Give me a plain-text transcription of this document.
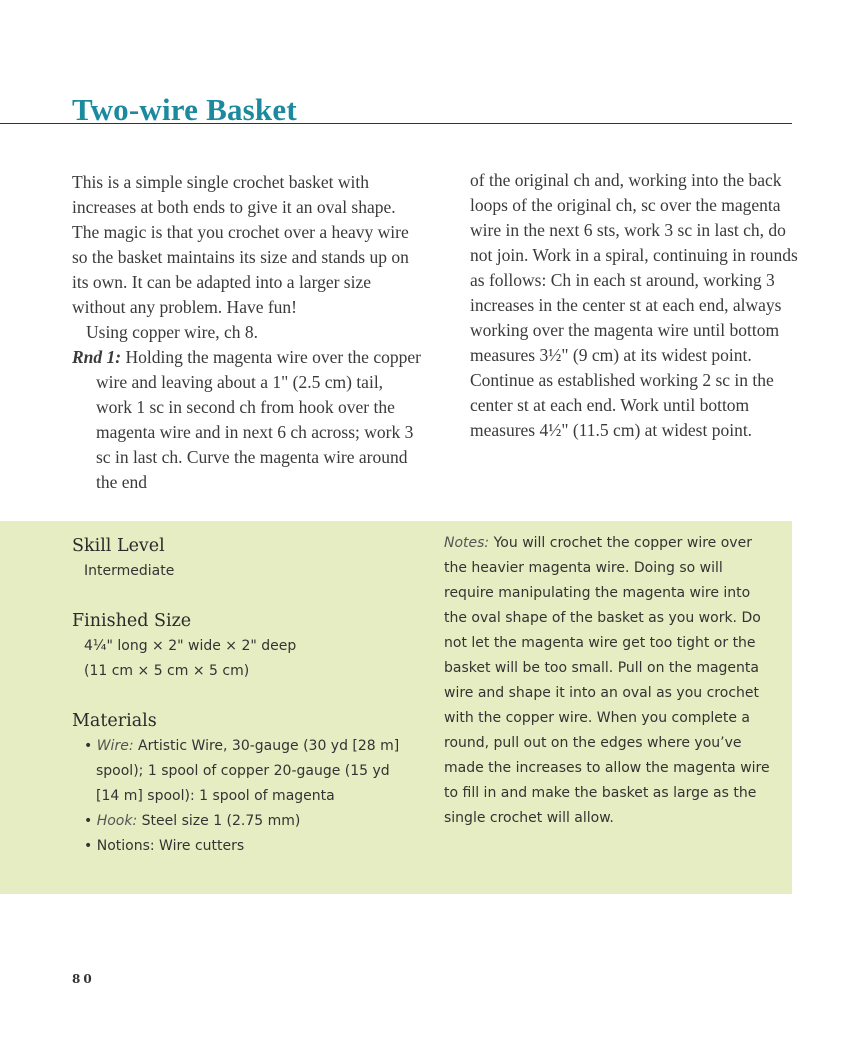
Two-wire Basket

This is a simple single crochet basket with increases at both ends to give it an oval shape. The magic is that you crochet over a heavy wire so the basket maintains its size and stands up on its own. It can be adapted into a larger size without any problem. Have fun!

Using copper wire, ch 8.

Rnd 1: Holding the magenta wire over the copper wire and leaving about a 1" (2.5 cm) tail, work 1 sc in second ch from hook over the magenta wire and in next 6 ch across; work 3 sc in last ch. Curve the magenta wire around the end

of the original ch and, working into the back loops of the original ch, sc over the magenta wire in the next 6 sts, work 3 sc in last ch, do not join. Work in a spiral, continuing in rounds as follows: Ch in each st around, working 3 increases in the center st at each end, always working over the magenta wire until bottom measures 3½" (9 cm) at its widest point. Continue as established working 2 sc in the center st at each end. Work until bottom measures 4½" (11.5 cm) at widest point.

Skill Level
Intermediate
Finished Size
4¼" long × 2" wide × 2" deep
(11 cm × 5 cm × 5 cm)
Materials
• Wire: Artistic Wire, 30-gauge (30 yd [28 m] spool); 1 spool of copper 20-gauge (15 yd [14 m] spool): 1 spool of magenta
• Hook: Steel size 1 (2.75 mm)
• Notions: Wire cutters
Notes: You will crochet the copper wire over the heavier magenta wire. Doing so will require manipulating the magenta wire into the oval shape of the basket as you work. Do not let the magenta wire get too tight or the basket will be too small. Pull on the magenta wire and shape it into an oval as you crochet with the copper wire. When you complete a round, pull out on the edges where you’ve made the increases to allow the magenta wire to fill in and make the basket as large as the single crochet will allow.
80
